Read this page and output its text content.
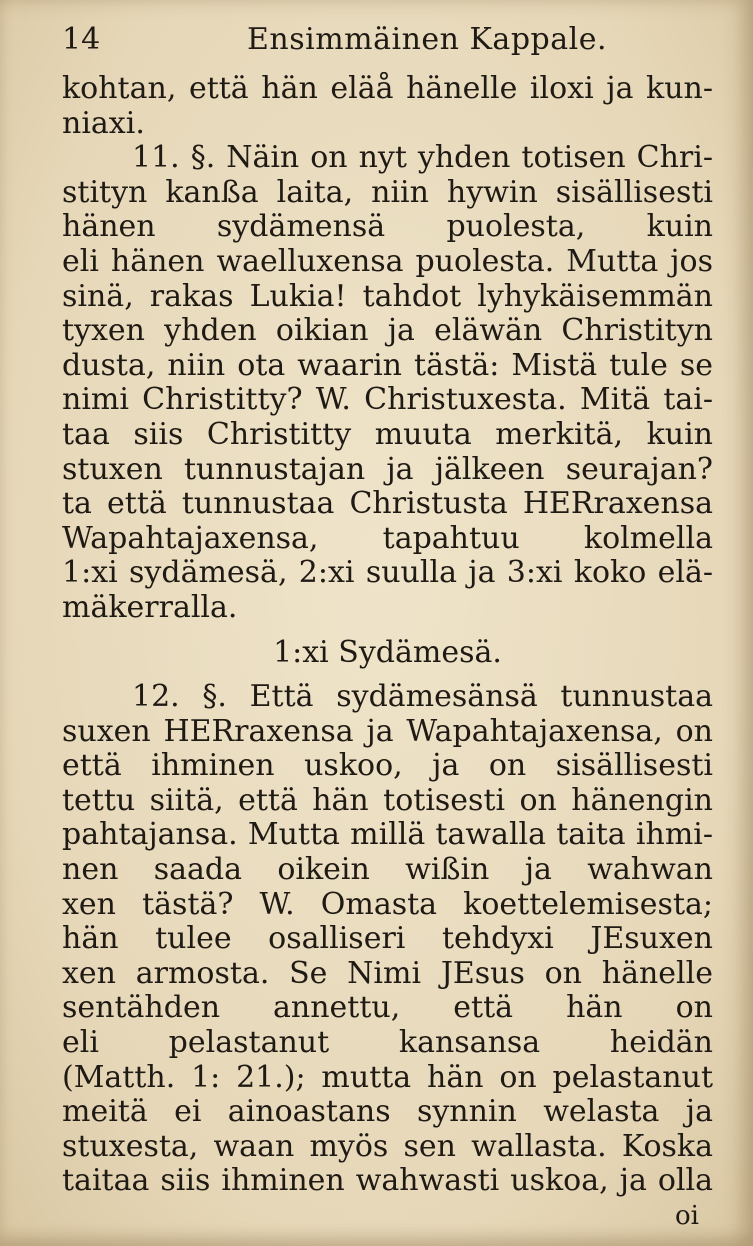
14	Ensimmäinen Kappale.
kohtan, että hän eläå hänelle iloxi ja kun-
niaxi.
11. §. Näin on nyt yhden totisen Chri-
stityn kanßa laita, niin hywin sisällisesti
hänen sydämensä puolesta, kuin
eli hänen waelluxensa puolesta. Mutta jos
sinä, rakas Lukia! tahdot lyhykäisemmän
tyxen yhden oikian ja eläwän Christityn
dusta, niin ota waarin tästä: Mistä tule se
nimi Christitty? W. Christuxesta. Mitä tai-
taa siis Christitty muuta merkitä, kuin
stuxen tunnustajan ja jälkeen seurajan?
ta että tunnustaa Christusta HERraxensa
Wapahtajaxensa, tapahtuu kolmella
1:xi sydämesä, 2:xi suulla ja 3:xi koko elä-
mäkerralla.
1:xi Sydämesä.
12. §. Että sydämesänsä tunnustaa
suxen HERraxensa ja Wapahtajaxensa, on
että ihminen uskoo, ja on sisällisesti
tettu siitä, että hän totisesti on hänengin
pahtajansa. Mutta millä tawalla taita ihmi-
nen saada oikein wißin ja wahwan
xen tästä? W. Omasta koettelemisesta;
hän tulee osalliseri tehdyxi JEsuxen
xen armosta. Se Nimi JEsus on hänelle
sentähden annettu, että hän on
eli pelastanut kansansa heidän
(Matth. 1: 21.); mutta hän on pelastanut
meitä ei ainoastans synnin welasta ja
stuxesta, waan myös sen wallasta. Koska
taitaa siis ihminen wahwasti uskoa, ja olla
oi
